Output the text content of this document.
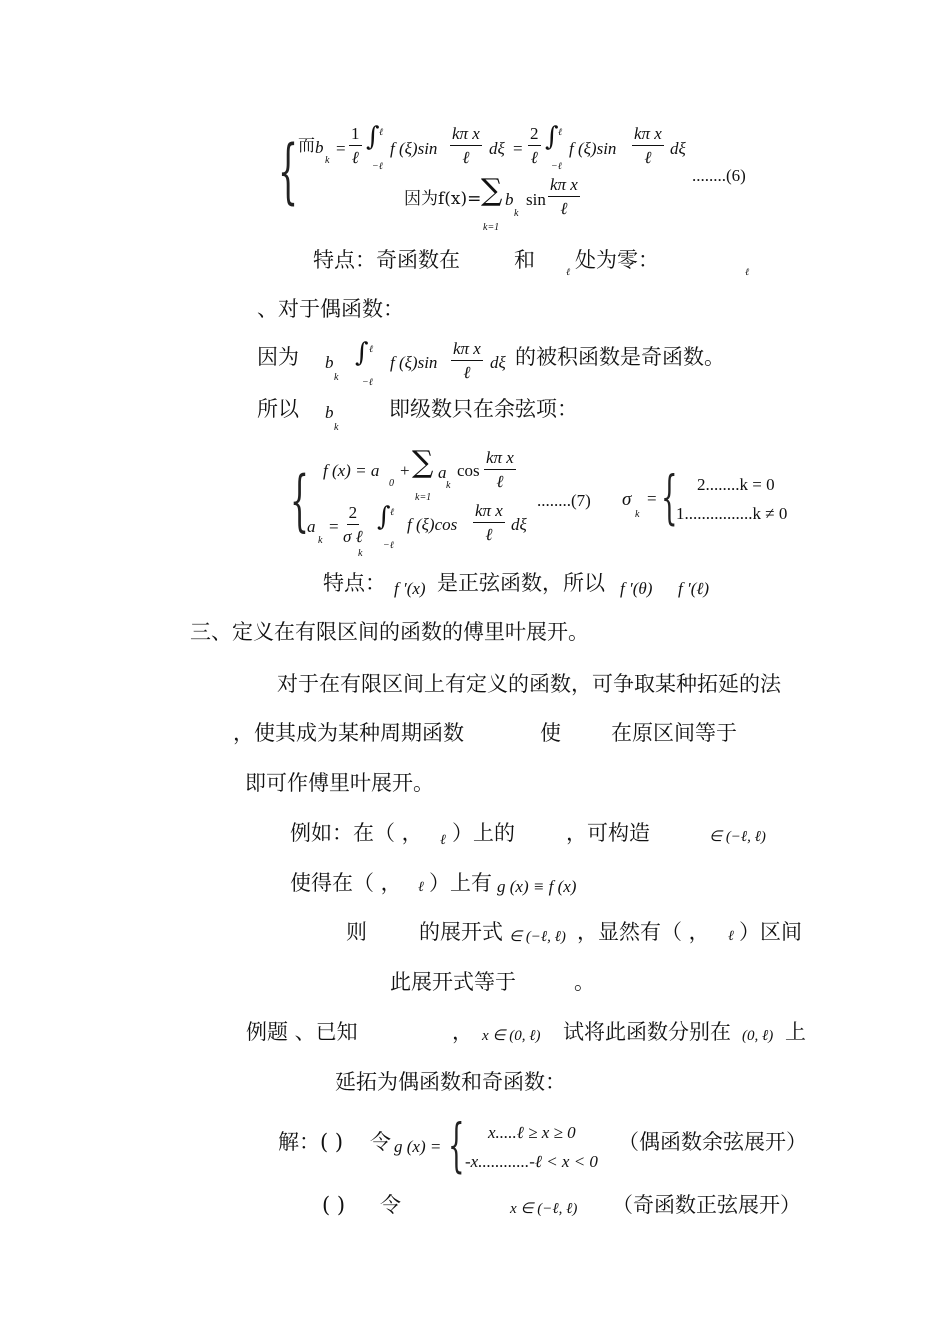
{ 而 b
k
=
1
ℓ
∫ ℓ
−ℓ
f (ξ)sin
kπ x
ℓ dξ =
2
ℓ
∫ ℓ
−ℓ
f (ξ)sin
kπ x
ℓ dξ
........(6)
因为f(x)= ∑
k=1
b
k
sin
kπ x
ℓ
特点：奇函数在	和
ℓ
处为零：
ℓ
、对于偶函数：
因为 b
k
∫ ℓ
−ℓ
f (ξ)sin
kπ x
ℓ
dξ 的被积函数是奇函数。
所以 b
k
即级数只在余弦项：
{ f (x) = a
0
+ ∑
k=1
a
k
cos
kπ x
ℓ
a
k
=
2
σ ℓ
k
∫ ℓ
−ℓ
f (ξ)cos
kπ x
ℓ
dξ
........(7) σ
k
= { 2........k = 0
1................k ≠ 0
特点： f ′(x) 是正弦函数，所以 f ′(θ) f ′(ℓ)
三、定义在有限区间的函数的傅里叶展开。
对于在有限区间上有定义的函数，可争取某种拓延的法
，使其成为某种周期函数	使 在原区间等于
即可作傅里叶展开。
例如：在（ ， ℓ ）上的 ，可构造	∈ (−ℓ, ℓ)
使得在（ ， ℓ ）上有 g (x) ≡ f (x)
则 的展开式 ∈ (−ℓ, ℓ) ，显然有（ ， ℓ ）区间
此展开式等于	。
例题 、已知	， x ∈ (0, ℓ) 试将此函数分别在 (0, ℓ) 上
延拓为偶函数和奇函数：
解：( ) 令 g (x) = { x.....ℓ ≥ x ≥ 0
-x............-ℓ < x < 0
（偶函数余弦展开）
( ) 令	x ∈ (−ℓ, ℓ) （奇函数正弦展开）
